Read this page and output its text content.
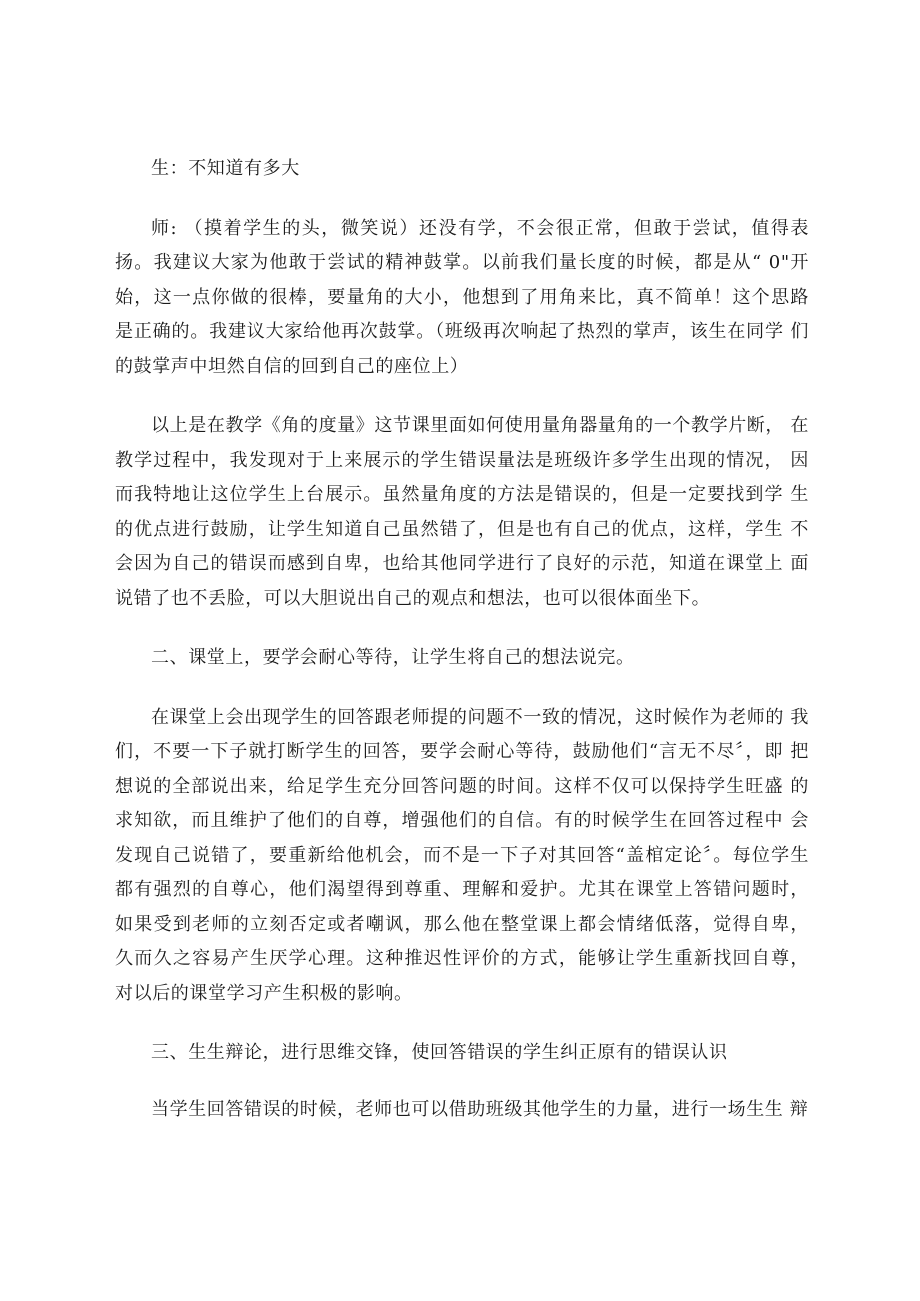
生：不知道有多大

师: （摸着学生的头，微笑说）还没有学，不会很正常，但敢于尝试，值得表 扬。我建议大家为他敢于尝试的精神鼓掌。以前我们量长度的时候，都是从“ 0"开 始，这一点你做的很棒，要量角的大小，他想到了用角来比，真不简单！这个思路 是正确的。我建议大家给他再次鼓掌。（班级再次响起了热烈的掌声，该生在同学 们的鼓掌声中坦然自信的回到自己的座位上）

以上是在教学《角的度量》这节课里面如何使用量角器量角的一个教学片断， 在教学过程中，我发现对于上来展示的学生错误量法是班级许多学生出现的情况， 因而我特地让这位学生上台展示。虽然量角度的方法是错误的，但是一定要找到学 生的优点进行鼓励，让学生知道自己虽然错了，但是也有自己的优点，这样，学生 不会因为自己的错误而感到自卑，也给其他同学进行了良好的示范，知道在课堂上 面说错了也不丢脸，可以大胆说出自己的观点和想法，也可以很体面坐下。

二、课堂上，要学会耐心等待，让学生将自己的想法说完。

在课堂上会出现学生的回答跟老师提的问题不一致的情况，这时候作为老师的 我们，不要一下子就打断学生的回答，要学会耐心等待，鼓励他们“言无不尽〞，即 把想说的全部说出来，给足学生充分回答问题的时间。这样不仅可以保持学生旺盛 的求知欲，而且维护了他们的自尊，增强他们的自信。有的时候学生在回答过程中 会发现自己说错了，要重新给他机会，而不是一下子对其回答“盖棺定论〞。每位学生 都有强烈的自尊心，他们渴望得到尊重、理解和爱护。尤其在课堂上答错问题时， 如果受到老师的立刻否定或者嘲讽，那么他在整堂课上都会情绪低落，觉得自卑， 久而久之容易产生厌学心理。这种推迟性评价的方式，能够让学生重新找回自尊， 对以后的课堂学习产生积极的影响。

三、生生辩论，进行思维交锋，使回答错误的学生纠正原有的错误认识

当学生回答错误的时候，老师也可以借助班级其他学生的力量，进行一场生生 辩
